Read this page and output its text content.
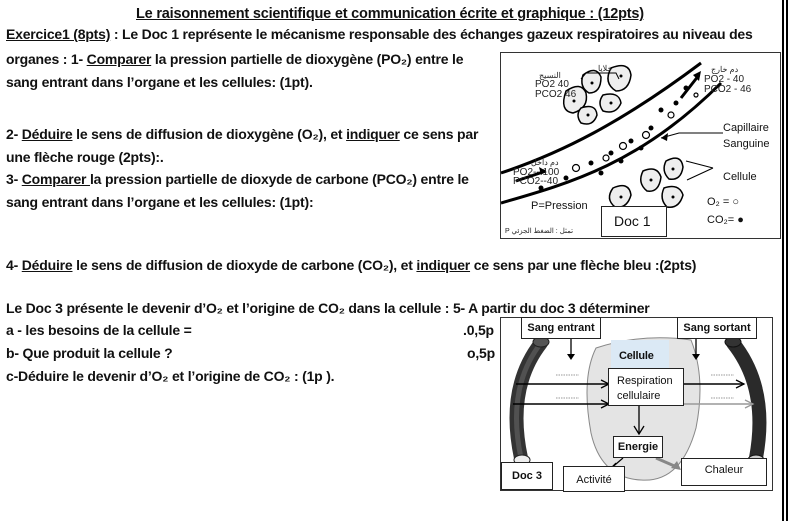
Le raisonnement scientifique et communication écrite et graphique : (12pts)
Exercice1 (8pts) : Le Doc 1 représente le mécanisme responsable des échanges gazeux respiratoires au niveau des
organes : 1- Comparer la pression partielle de dioxygène (PO₂) entre le
sang entrant dans l’organe et les cellules: (1pt).
2- Déduire le sens de diffusion de dioxygène (O₂), et indiquer ce sens par
une flèche rouge (2pts):.
3- Comparer la pression partielle de dioxyde de carbone (PCO₂) entre le
sang entrant dans l’organe et les cellules: (1pt):
4- Déduire le sens de diffusion de dioxyde de carbone (CO₂), et indiquer ce sens par une flèche bleu :(2pts)
Le Doc 3 présente le devenir d’O₂ et l’origine de CO₂ dans la cellule : 5- A partir du doc 3 déterminer
a - les besoins de la cellule =	.0,5p
b- Que produit la cellule ?	o,5p
c-Déduire le devenir d’O₂ et l’origine de CO₂ : (1p ).
النسيج
PO2 40
PCO2 46
خلايا	دم خارج
PO2 - 40
PCO2 - 46
دم داخل
PO2-- 100
PCO2--40
Capillaire
Sanguine
Cellule
P=Pression	O₂ = ○
CO₂= ●
P تمثل : الضغط الجزئي
Doc 1
Sang entrant	Sang sortant
Cellule
Respiration
cellulaire
Energie
Doc 3	Activité
Chaleur
